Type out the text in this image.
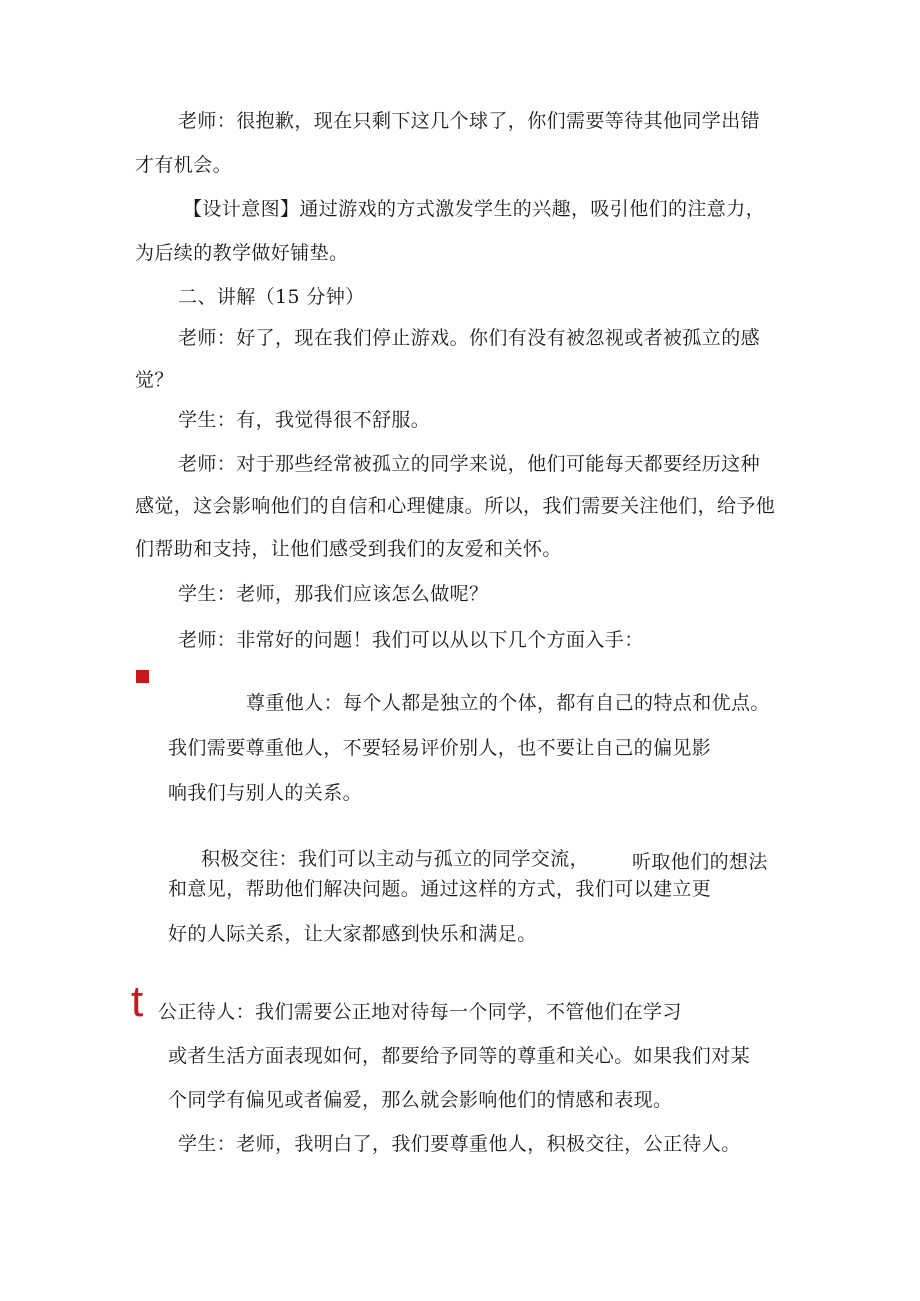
老师：很抱歉，现在只剩下这几个球了，你们需要等待其他同学出错
才有机会。
【设计意图】通过游戏的方式激发学生的兴趣，吸引他们的注意力，
为后续的教学做好铺垫。
二、讲解（15 分钟）
老师：好了，现在我们停止游戏。你们有没有被忽视或者被孤立的感
觉？
学生：有，我觉得很不舒服。
老师：对于那些经常被孤立的同学来说，他们可能每天都要经历这种
感觉，这会影响他们的自信和心理健康。所以，我们需要关注他们，给予他
们帮助和支持，让他们感受到我们的友爱和关怀。
学生：老师，那我们应该怎么做呢？
老师：非常好的问题！我们可以从以下几个方面入手：
尊重他人：每个人都是独立的个体，都有自己的特点和优点。
我们需要尊重他人，不要轻易评价别人，也不要让自己的偏见影
响我们与别人的关系。
积极交往：我们可以主动与孤立的同学交流， 听取他们的想法
和意见，帮助他们解决问题。通过这样的方式，我们可以建立更
好的人际关系，让大家都感到快乐和满足。
t 公正待人：我们需要公正地对待每一个同学，不管他们在学习
或者生活方面表现如何，都要给予同等的尊重和关心。如果我们对某
个同学有偏见或者偏爱，那么就会影响他们的情感和表现。
学生：老师，我明白了，我们要尊重他人，积极交往，公正待人。
